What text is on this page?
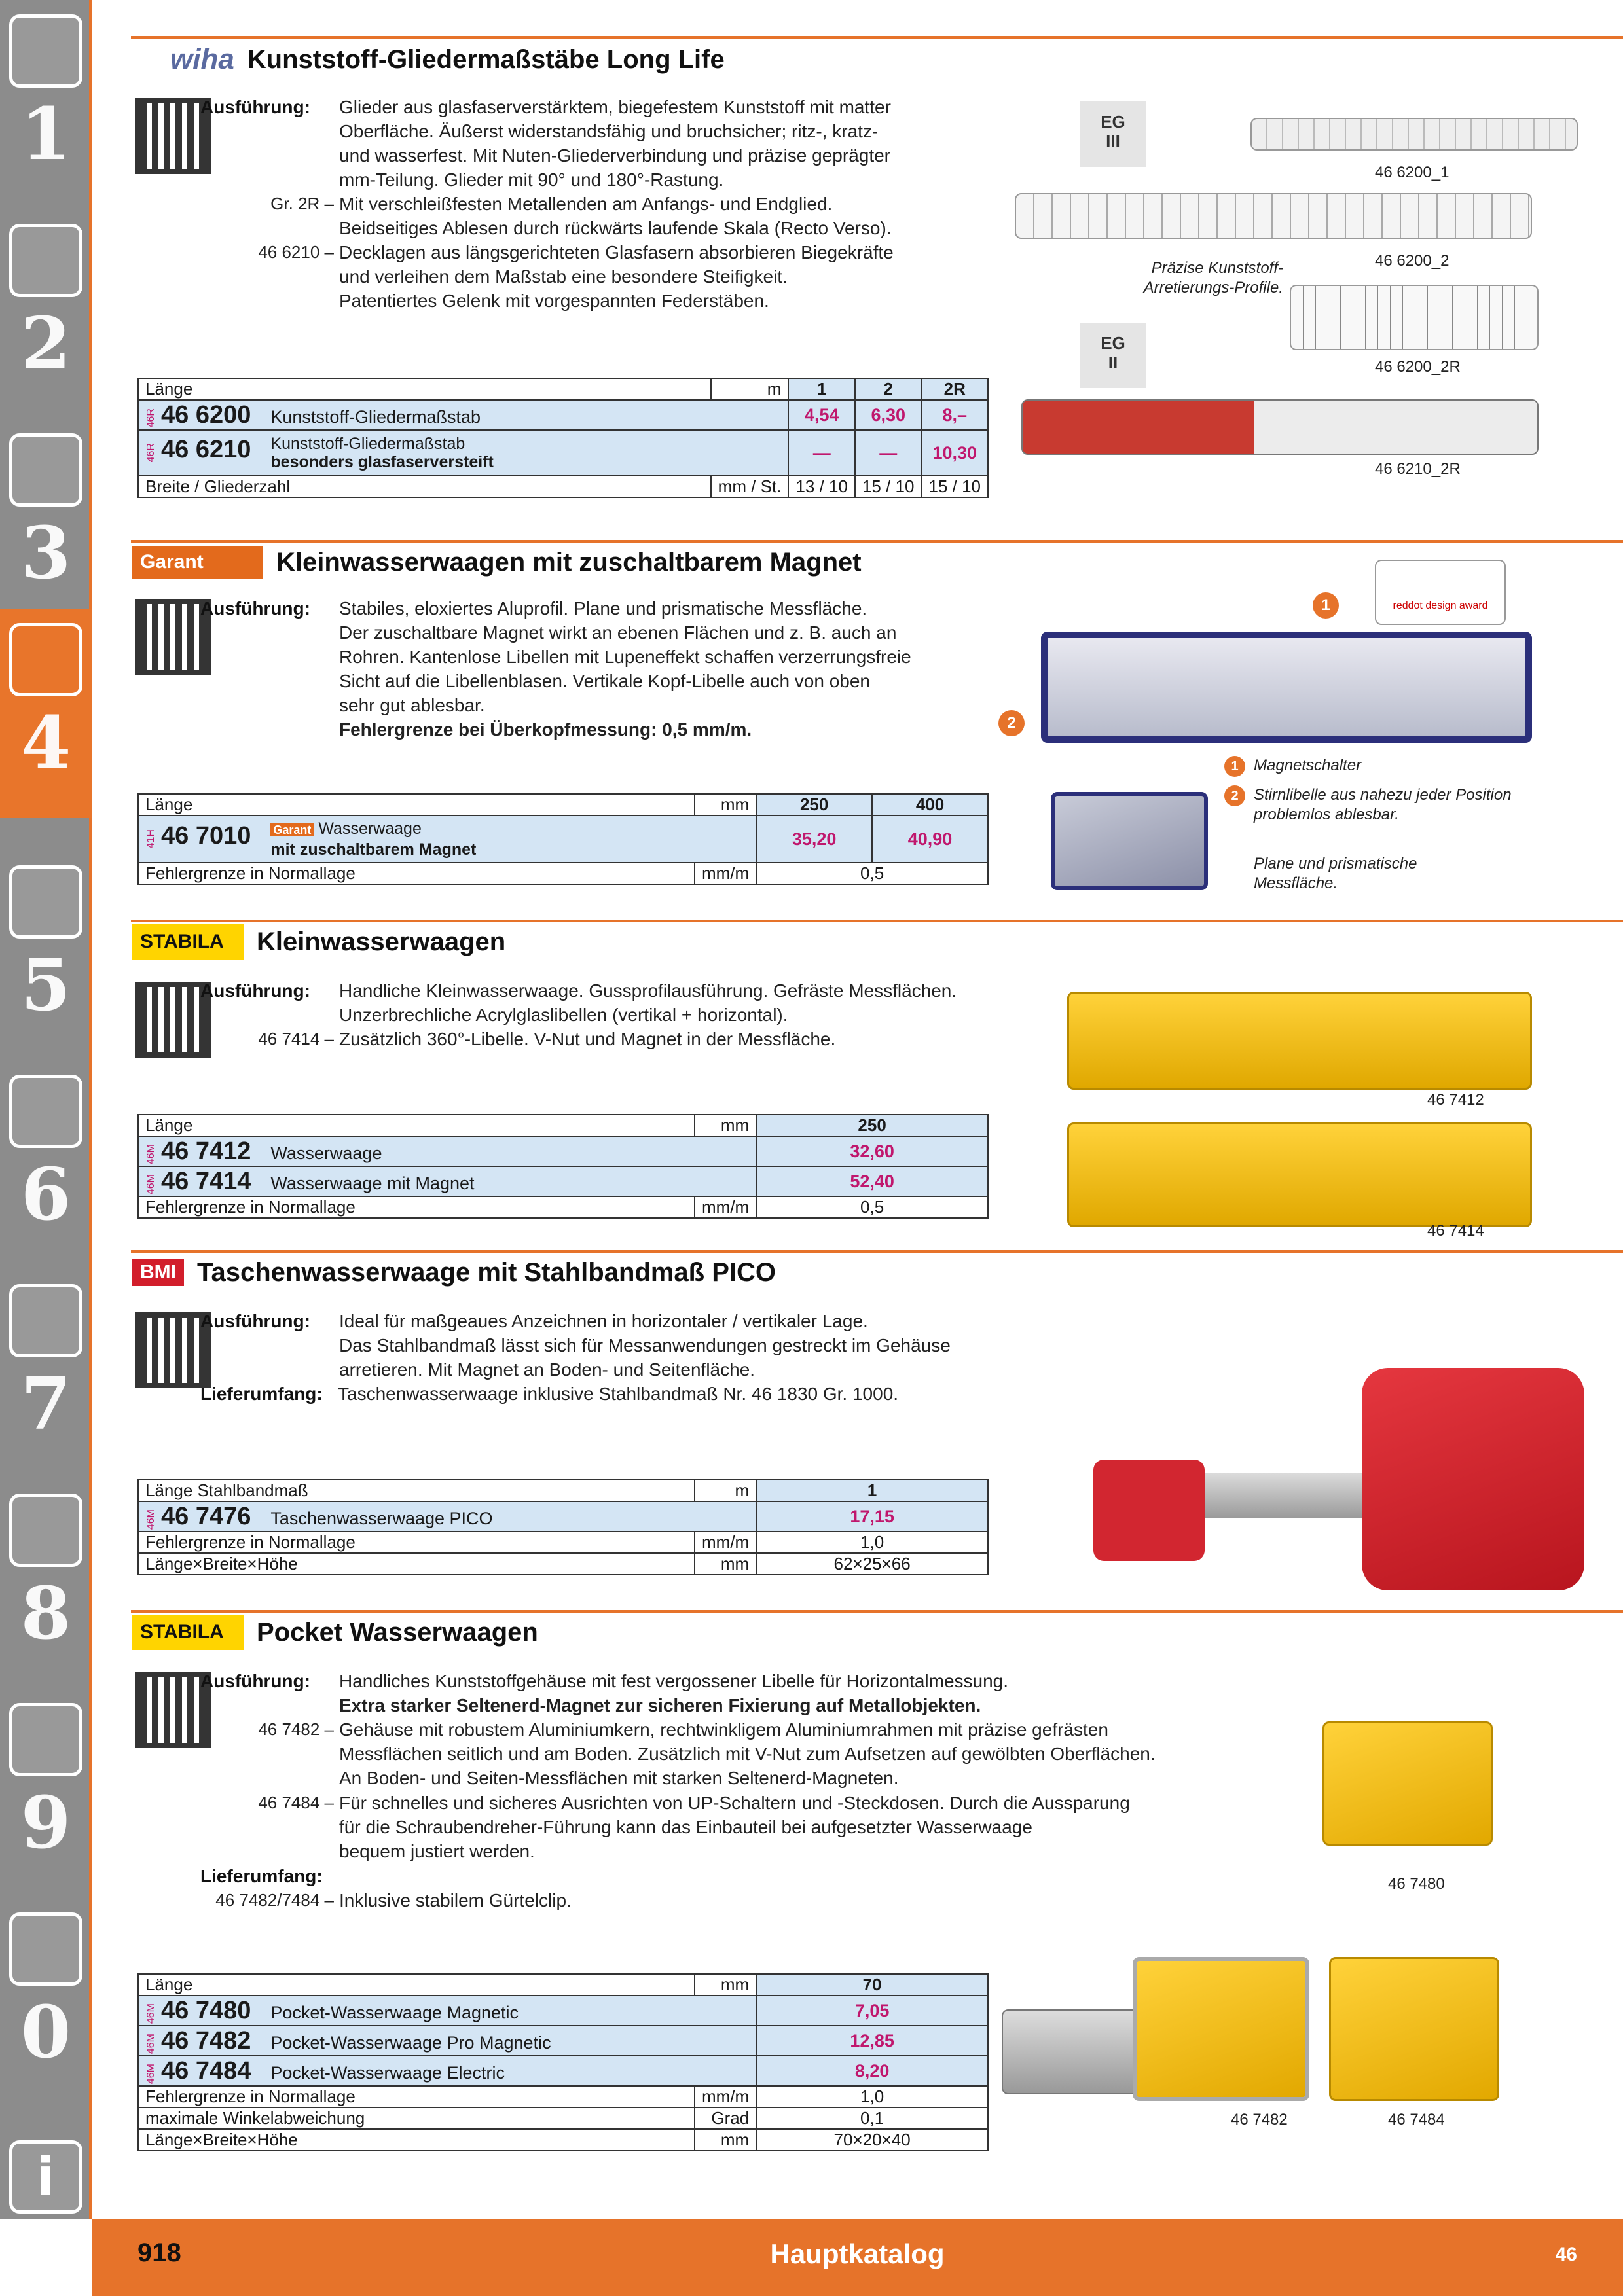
1
2
3
4
5
6
7
8
9
0
i
wiha Kunststoff-Gliedermaßstäbe Long Life
Ausführung: Glieder aus glasfaserverstärktem, biegefestem Kunststoff mit matter
Oberfläche. Äußerst widerstandsfähig und bruchsicher; ritz-, kratz-
und wasserfest. Mit Nuten-Gliederverbindung und präzise geprägter
mm-Teilung. Glieder mit 90° und 180°-Rastung.
Gr. 2R – Mit verschleißfesten Metallenden am Anfangs- und Endglied.
Beidseitiges Ablesen durch rückwärts laufende Skala (Recto Verso).
46 6210 – Decklagen aus längsgerichteten Glasfasern absorbieren Biegekräfte
und verleihen dem Maßstab eine besondere Steifigkeit.
Patentiertes Gelenk mit vorgespannten Federstäben.
Länge	m	1	2	2R
46R 46 6200 Kunststoff-Gliedermaßstab		4,54	6,30	8,–
46R 46 6210 Kunststoff-Gliedermaßstab
besonders glasfaserversteift		—	—	10,30
Breite / Gliederzahl	mm / St.	13 / 10	15 / 10	15 / 10
EG
III
EG
II
46 6200_1
Präzise Kunststoff-
Arretierungs-Profile.
46 6200_2
46 6200_2R
46 6210_2R
Garant	Kleinwasserwaagen mit zuschaltbarem Magnet
Ausführung: Stabiles, eloxiertes Aluprofil. Plane und prismatische Messfläche.
Der zuschaltbare Magnet wirkt an ebenen Flächen und z. B. auch an
Rohren. Kantenlose Libellen mit Lupeneffekt schaffen verzerrungsfreie
Sicht auf die Libellenblasen. Vertikale Kopf-Libelle auch von oben
sehr gut ablesbar.
Fehlergrenze bei Überkopfmessung: 0,5 mm/m.
Länge	mm	250	400
41H 46 7010 Garant Wasserwaage
mit zuschaltbarem Magnet		35,20	40,90
Fehlergrenze in Normallage	mm/m	0,5	
reddot design award
1
2
1 Magnetschalter
2 Stirnlibelle aus nahezu jeder Position
problemlos ablesbar.
Plane und prismatische
Messfläche.
STABILA	Kleinwasserwaagen
Ausführung: Handliche Kleinwasserwaage. Gussprofilausführung. Gefräste Messflächen.
Unzerbrechliche Acrylglaslibellen (vertikal + horizontal).
46 7414 – Zusätzlich 360°-Libelle. V-Nut und Magnet in der Messfläche.
Länge	mm	250
46M 46 7412 Wasserwaage		32,60
46M 46 7414 Wasserwaage mit Magnet		52,40
Fehlergrenze in Normallage	mm/m	0,5
46 7412
46 7414
BMI Taschenwasserwaage mit Stahlbandmaß PICO
Ausführung: Ideal für maßgeaues Anzeichnen in horizontaler / vertikaler Lage.
Das Stahlbandmaß lässt sich für Messanwendungen gestreckt im Gehäuse
arretieren. Mit Magnet an Boden- und Seitenfläche.
Lieferumfang: Taschenwasserwaage inklusive Stahlbandmaß Nr. 46 1830 Gr. 1000.
Länge Stahlbandmaß	m	1
46M 46 7476 Taschenwasserwaage PICO		17,15
Fehlergrenze in Normallage	mm/m	1,0
Länge×Breite×Höhe	mm	62×25×66
STABILA	Pocket Wasserwaagen
Ausführung: Handliches Kunststoffgehäuse mit fest vergossener Libelle für Horizontalmessung.
Extra starker Seltenerd-Magnet zur sicheren Fixierung auf Metallobjekten.
46 7482 – Gehäuse mit robustem Aluminiumkern, rechtwinkligem Aluminiumrahmen mit präzise gefrästen
Messflächen seitlich und am Boden. Zusätzlich mit V-Nut zum Aufsetzen auf gewölbten Oberflächen.
An Boden- und Seiten-Messflächen mit starken Seltenerd-Magneten.
46 7484 – Für schnelles und sicheres Ausrichten von UP-Schaltern und -Steckdosen. Durch die Aussparung
für die Schraubendreher-Führung kann das Einbauteil bei aufgesetzter Wasserwaage
bequem justiert werden.
Lieferumfang:
46 7482/7484 – Inklusive stabilem Gürtelclip.
Länge	mm	70
46M 46 7480 Pocket-Wasserwaage Magnetic		7,05
46M 46 7482 Pocket-Wasserwaage Pro Magnetic		12,85
46M 46 7484 Pocket-Wasserwaage Electric		8,20
Fehlergrenze in Normallage	mm/m	1,0
maximale Winkelabweichung	Grad	0,1
Länge×Breite×Höhe	mm	70×20×40
46 7480
46 7482	46 7484
918	Hauptkatalog	46
